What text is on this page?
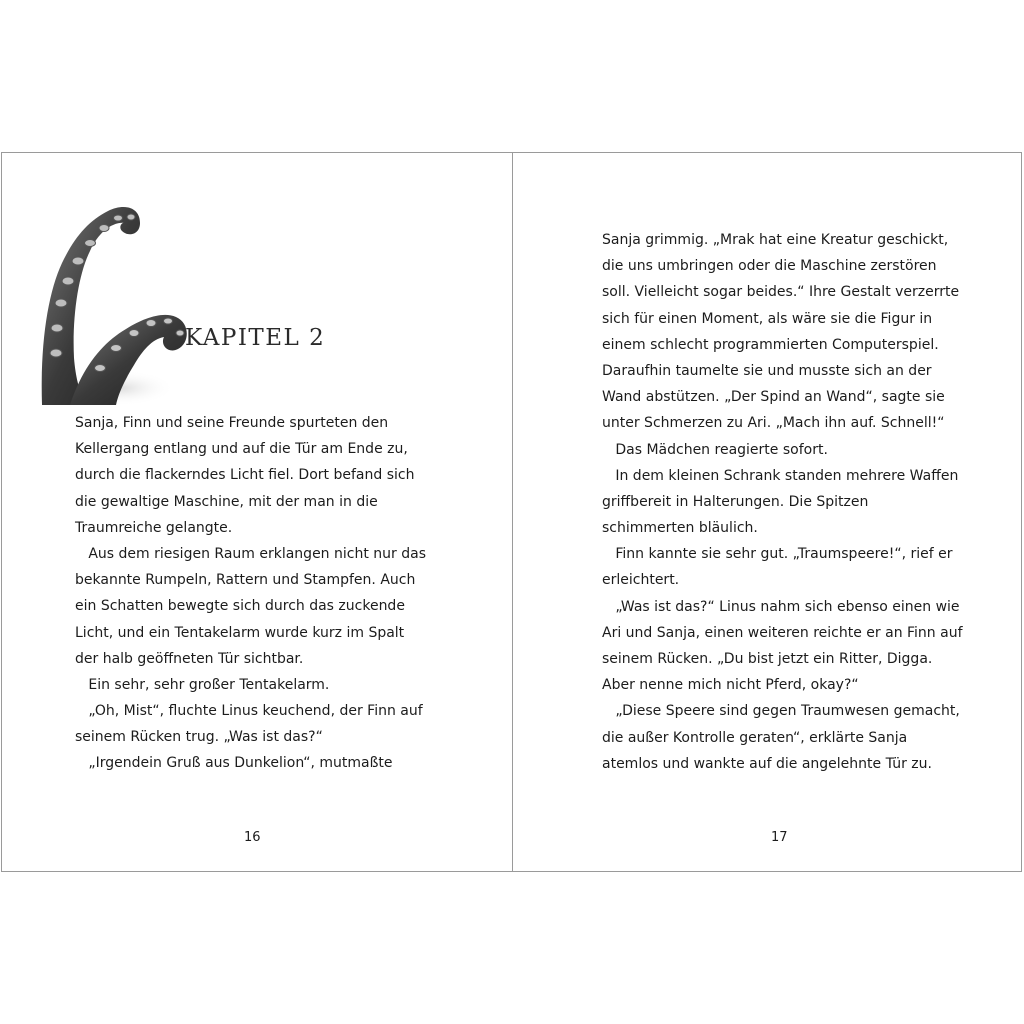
KAPITEL 2
Sanja, Finn und seine Freunde spurteten den
Kellergang entlang und auf die Tür am Ende zu,
durch die flackerndes Licht fiel. Dort befand sich
die gewaltige Maschine, mit der man in die
Traumreiche gelangte.
Aus dem riesigen Raum erklangen nicht nur das
bekannte Rumpeln, Rattern und Stampfen. Auch
ein Schatten bewegte sich durch das zuckende
Licht, und ein Tentakelarm wurde kurz im Spalt
der halb geöffneten Tür sichtbar.
Ein sehr, sehr großer Tentakelarm.
„Oh, Mist“, fluchte Linus keuchend, der Finn auf
seinem Rücken trug. „Was ist das?“
„Irgendein Gruß aus Dunkelion“, mutmaßte
16
Sanja grimmig. „Mrak hat eine Kreatur geschickt,
die uns umbringen oder die Maschine zerstören
soll. Vielleicht sogar beides.“ Ihre Gestalt verzerrte
sich für einen Moment, als wäre sie die Figur in
einem schlecht programmierten Computerspiel.
Daraufhin taumelte sie und musste sich an der
Wand abstützen. „Der Spind an Wand“, sagte sie
unter Schmerzen zu Ari. „Mach ihn auf. Schnell!“
Das Mädchen reagierte sofort.
In dem kleinen Schrank standen mehrere Waffen
griffbereit in Halterungen. Die Spitzen
schimmerten bläulich.
Finn kannte sie sehr gut. „Traumspeere!“, rief er
erleichtert.
„Was ist das?“ Linus nahm sich ebenso einen wie
Ari und Sanja, einen weiteren reichte er an Finn auf
seinem Rücken. „Du bist jetzt ein Ritter, Digga.
Aber nenne mich nicht Pferd, okay?“
„Diese Speere sind gegen Traumwesen gemacht,
die außer Kontrolle geraten“, erklärte Sanja
atemlos und wankte auf die angelehnte Tür zu.
17
